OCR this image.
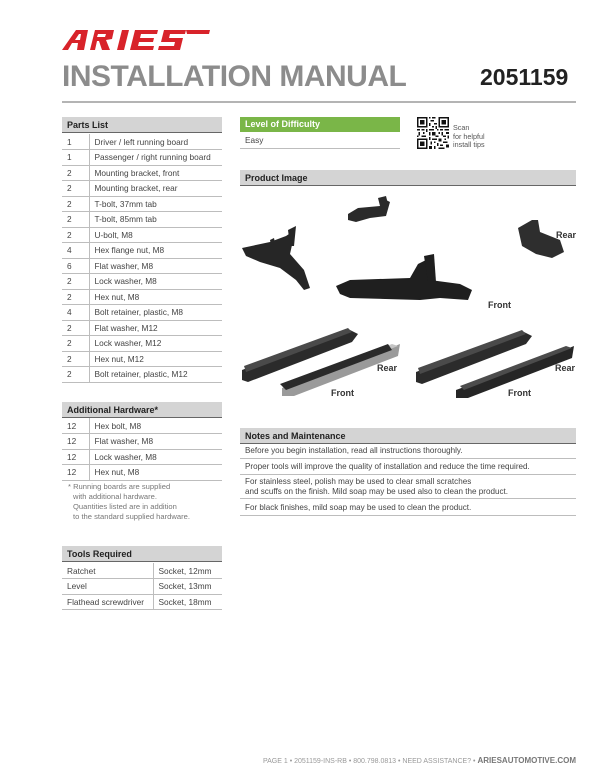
INSTALLATION MANUAL	2051159
Parts List
1	Driver / left running board
1	Passenger / right running board
2	Mounting bracket, front
2	Mounting bracket, rear
2	T-bolt, 37mm tab
2	T-bolt, 85mm tab
2	U-bolt, M8
4	Hex flange nut, M8
6	Flat washer, M8
2	Lock washer, M8
2	Hex nut, M8
4	Bolt retainer, plastic, M8
2	Flat washer, M12
2	Lock washer, M12
2	Hex nut, M12
2	Bolt retainer, plastic, M12
Additional Hardware*
12	Hex bolt, M8
12	Flat washer, M8
12	Lock washer, M8
12	Hex nut, M8
* Running boards are supplied
with additional hardware.
Quantities listed are in addition
to the standard supplied hardware.
Tools Required
Ratchet	Socket, 12mm
Level	Socket, 13mm
Flathead screwdriver	Socket, 18mm
Level of Difficulty
Easy
Scan
for helpful
install tips
Product Image
Rear
Front
Rear
Front
Rear
Front
Notes and Maintenance
Before you begin installation, read all instructions thoroughly.
Proper tools will improve the quality of installation and reduce the time required.
For stainless steel, polish may be used to clear small scratches
and scuffs on the finish. Mild soap may be used also to clean the product.
For black finishes, mild soap may be used to clean the product.
PAGE 1 • 2051159-INS-RB • 800.798.0813 • NEED ASSISTANCE? • ARIESAUTOMOTIVE.COM
